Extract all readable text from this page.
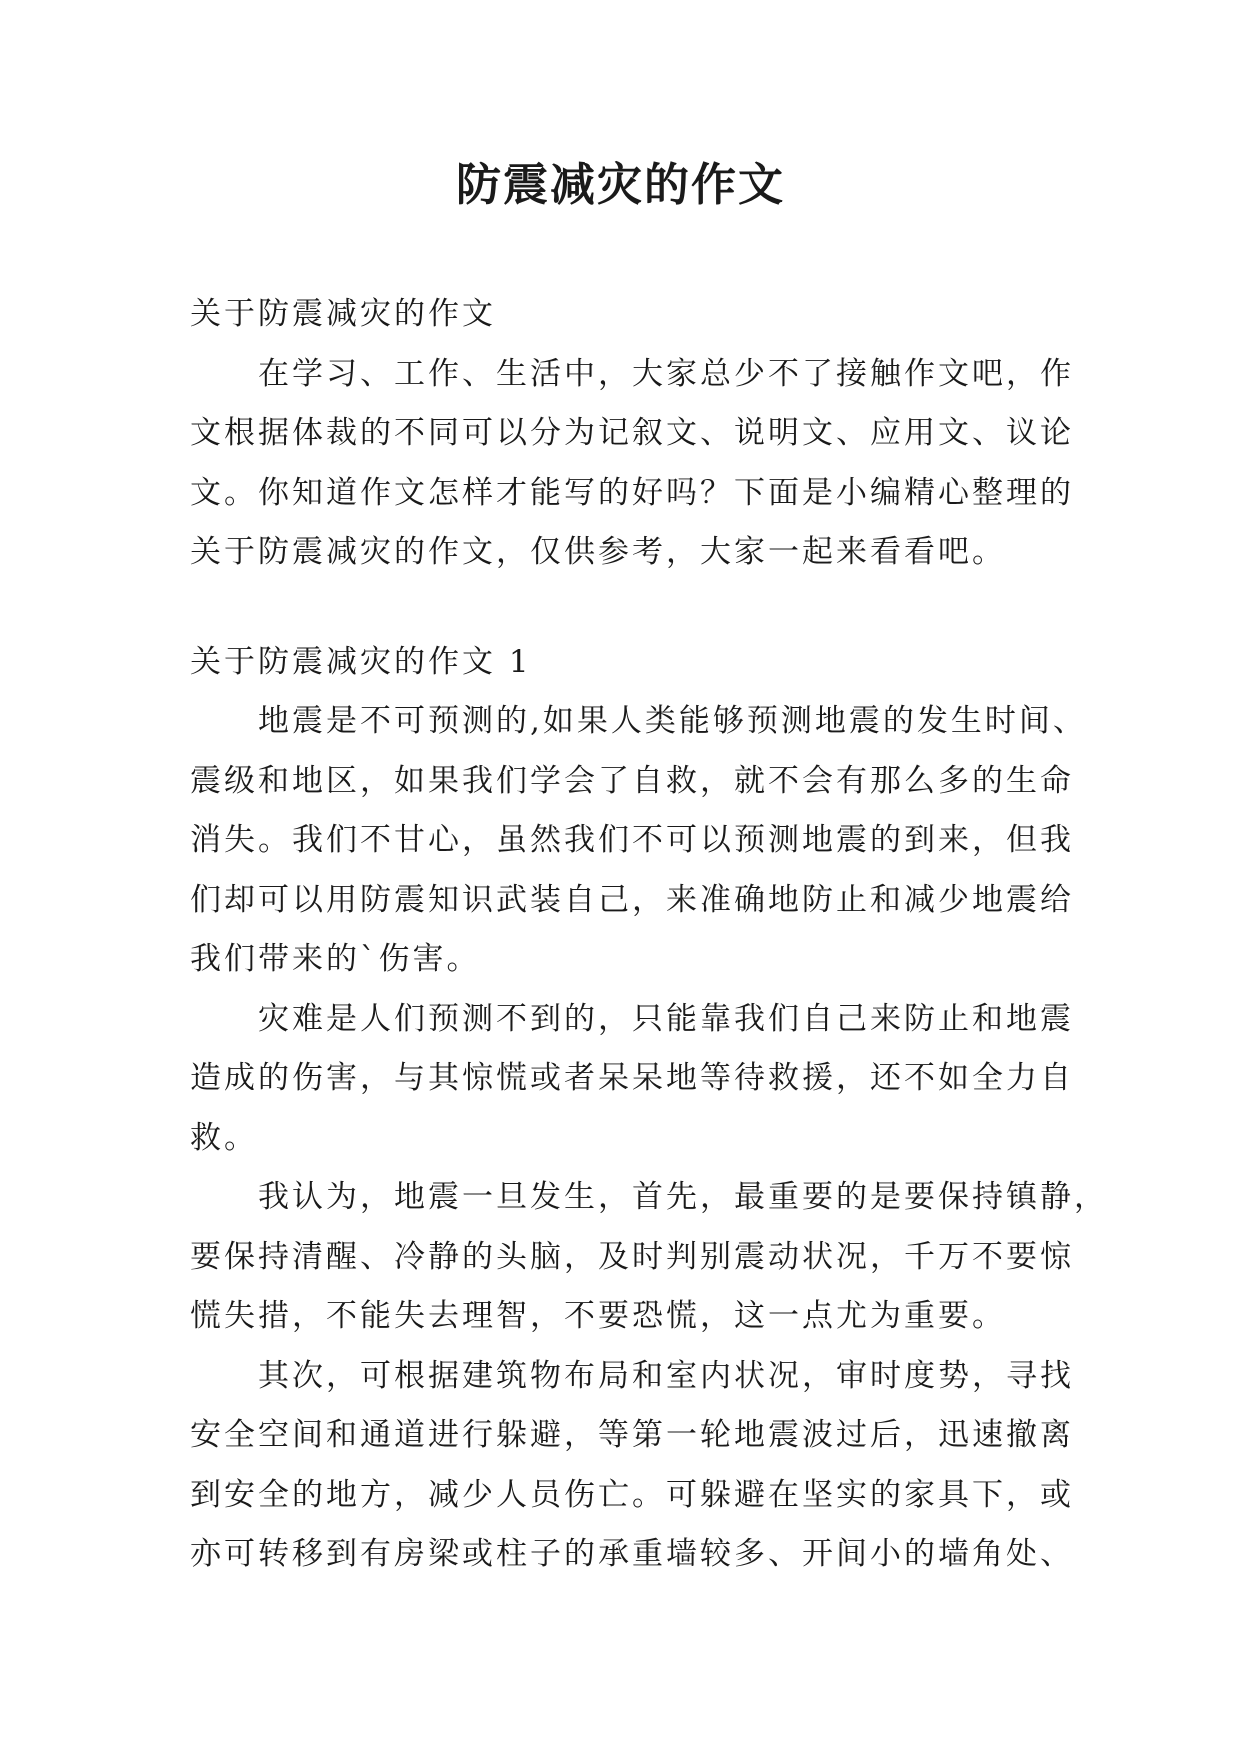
防震减灾的作文

关于防震减灾的作文

在学习、工作、生活中，大家总少不了接触作文吧，作
文根据体裁的不同可以分为记叙文、说明文、应用文、议论
文。你知道作文怎样才能写的好吗？下面是小编精心整理的
关于防震减灾的作文，仅供参考，大家一起来看看吧。

关于防震减灾的作文 1

地震是不可预测的,如果人类能够预测地震的发生时间、
震级和地区，如果我们学会了自救，就不会有那么多的生命
消失。我们不甘心，虽然我们不可以预测地震的到来，但我
们却可以用防震知识武装自己，来准确地防止和减少地震给
我们带来的`伤害。

灾难是人们预测不到的，只能靠我们自己来防止和地震
造成的伤害，与其惊慌或者呆呆地等待救援，还不如全力自
救。

我认为，地震一旦发生，首先，最重要的是要保持镇静，
要保持清醒、冷静的头脑，及时判别震动状况，千万不要惊
慌失措，不能失去理智，不要恐慌，这一点尤为重要。

其次，可根据建筑物布局和室内状况，审时度势，寻找
安全空间和通道进行躲避，等第一轮地震波过后，迅速撤离
到安全的地方，减少人员伤亡。可躲避在坚实的家具下，或
亦可转移到有房梁或柱子的承重墙较多、开间小的墙角处、
